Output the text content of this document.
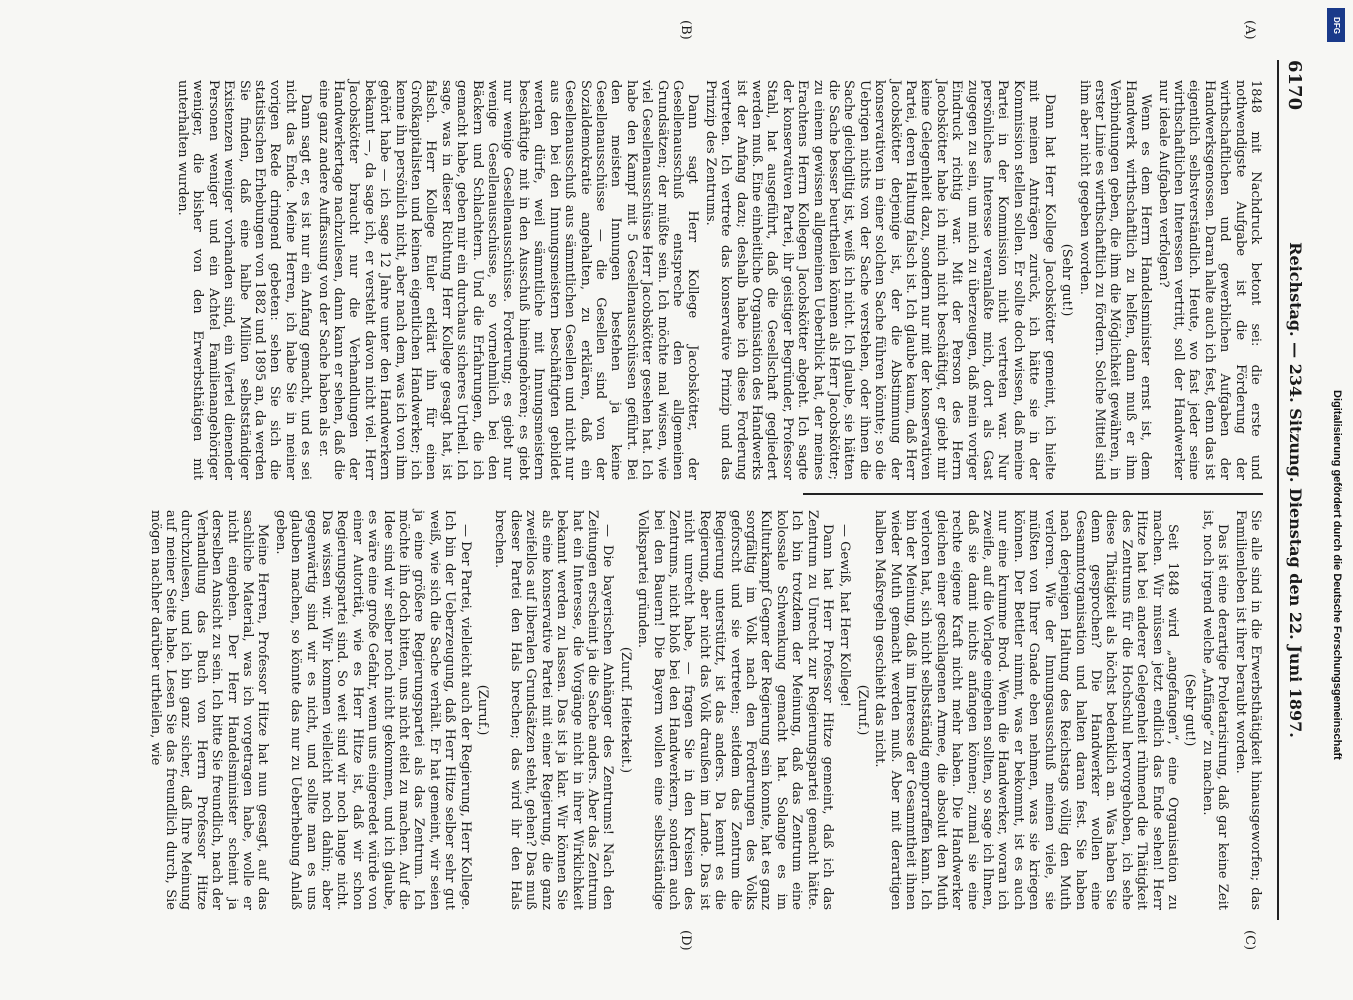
6170
Reichstag. — 234. Sitzung. Dienstag den 22. Juni 1897.
(A)
(B)
(C)
(D)

1848 mit Nachdruck betont sei: die erste und nothwendigste Aufgabe ist die Förderung der wirthschaftlichen und gewerblichen Aufgaben der Handwerksgenossen. Daran halte auch ich fest, denn das ist eigentlich selbstverständlich. Heute, wo fast jeder seine wirthschaftlichen Interessen vertritt, soll der Handwerker nur ideale Aufgaben verfolgen?

Wenn es dem Herrn Handelsminister ernst ist, dem Handwerk wirthschaftlich zu helfen, dann muß er ihm Verbindungen geben, die ihm die Möglichkeit gewähren, in erster Linie es wirthschaftlich zu fördern. Solche Mittel sind ihm aber nicht gegeben worden.

(Sehr gut!)

Dann hat Herr Kollege Jacobskötter gemeint, ich hielte mit meinen Anträgen zurück, ich hätte sie in der Kommission stellen sollen. Er sollte doch wissen, daß meine Partei in der Kommission nicht vertreten war. Nur persönliches Interesse veranlaßte mich, dort als Gast zugegen zu sein, um mich zu überzeugen, daß mein voriger Eindruck richtig war. Mit der Person des Herrn Jacobskötter habe ich mich nicht beschäftigt, er giebt mir keine Gelegenheit dazu, sondern nur mit der konservativen Partei, deren Haltung falsch ist. Ich glaube kaum, daß Herr Jacobskötter derjenige ist, der die Abstimmung der konservativen in einer solchen Sache führen könnte; so die Uebrigen nichts von der Sache verstehen, oder ihnen die Sache gleichgiltig ist, weiß ich nicht. Ich glaube, sie hätten die Sache besser beurtheilen können als Herr Jacobskötter; zu einem gewissen allgemeinen Ueberblick hat, der meines Erachtens Herrn Kollegen Jacobskötter abgeht. Ich sagte der konservativen Partei, ihr geistiger Begründer, Professor Stahl, hat ausgeführt, daß die Gesellschaft gegliedert werden muß. Eine einheitliche Organisation des Handwerks ist der Anfang dazu; deshalb habe ich diese Forderung vertreten. Ich vertrete das konservative Prinzip und das Prinzip des Zentrums.

Dann sagt Herr Kollege Jacobskötter, der Gesellenausschuß entspreche den allgemeinen Grundsätzen; der müßte sein. Ich möchte mal wissen, wie viel Gesellenausschüsse Herr Jacobskötter gesehen hat. Ich habe den Kampf mit 5 Gesellenausschüssen geführt. Bei den meisten Innungen bestehen ja keine Gesellenausschüsse — die Gesellen sind von der Sozialdemokratie angehalten, zu erklären, daß ein Gesellenausschuß aus sämmtlichen Gesellen und nicht nur aus den bei den Innungsmeistern beschäftigten gebildet werden dürfe, weil sämmtliche mit Innungsmeistern beschäftigte mit in den Ausschuß hineingehören; es giebt nur wenige Gesellenausschüsse. Forderung; es giebt nur wenige Gesellenausschüsse, so vornehmlich bei den Bäckern und Schlachtern. Und die Erfahrungen, die ich gemacht habe, geben mir ein durchaus sicheres Urtheil. Ich sage, was in dieser Richtung Herr Kollege gesagt hat, ist falsch. Herr Kollege Euler erklärt ihn für einen Großkapitalisten und keinen eigentlichen Handwerker; ich kenne ihn persönlich nicht, aber nach dem, was ich von ihm gehört habe — ich sage 12 Jahre unter den Handwerkern bekannt —, da sage ich, er versteht davon nicht viel. Herr Jacobskötter braucht nur die Verhandlungen der Handwerkertage nachzulesen, dann kann er sehen, daß die eine ganz andere Auffassung von der Sache haben als er.

Dann sagt er, es ist nur ein Anfang gemacht, und es sei nicht das Ende. Meine Herren, ich habe Sie in meiner vorigen Rede dringend gebeten: sehen Sie sich die statistischen Erhebungen von 1882 und 1895 an, da werden Sie finden, daß eine halbe Million selbstständiger Existenzen weniger vorhanden sind, ein Viertel dienender Personen weniger und ein Achtel Familienangehöriger weniger, die bisher von den Erwerbsthätigen mit unterhalten wurden.

Sie alle sind in die Erwerbsthätigkeit hinausgeworfen; das Familienleben ist ihrer beraubt worden.

Das ist eine derartige Proletarisirung, daß gar keine Zeit ist, noch irgend welche „Anfänge“ zu machen.

(Sehr gut!)

Seit 1848 wird „angefangen“, eine Organisation zu machen. Wir müssen jetzt endlich das Ende sehen! Herr Hitze hat bei anderer Gelegenheit rühmend die Thätigkeit des Zentrums für die Hochschul hervorgehoben, ich sehe diese Thätigkeit als höchst bedenklich an. Was haben Sie denn gesprochen? Die Handwerker wollen eine Gesammtorganisation und halten daran fest. Sie haben nach derjenigen Haltung des Reichstags völlig den Muth verloren. Wie der Innungsausschuß meinen viele, sie müßten von Ihrer Gnade eben nehmen, was sie kriegen können. Der Bettler nimmt, was er bekommt, ist es auch nur eine krumme Brod. Wenn die Handwerker, woran ich zweifle, auf die Vorlage eingehen sollten, so sage ich Ihnen, daß sie damit nichts anfangen können; zumal sie eine rechte eigene Kraft nicht mehr haben. Die Handwerker gleichen einer geschlagenen Armee, die absolut den Muth verloren hat, sich nicht selbstständig emporraffen kann. Ich bin der Meinung, daß im Interesse der Gesammtheit ihnen wieder Muth gemacht werden muß. Aber mit derartigen halben Maßregeln geschieht das nicht.

(Zuruf.)

— Gewiß, hat Herr Kollege!

Dann hat Herr Professor Hitze gemeint, daß ich das Zentrum zu Unrecht zur Regierungspartei gemacht hätte. Ich bin trotzdem der Meinung, daß das Zentrum eine kolossale Schwenkung gemacht hat. Solange es im Kulturkampf Gegner der Regierung sein konnte, hat es ganz sorgfältig im Volk nach den Forderungen des Volks geforscht und sie vertreten; seitdem das Zentrum die Regierung unterstützt, ist das anders. Da kennt es die Regierung, aber nicht das Volk draußen im Lande. Das ist nicht unrecht habe, — fragen Sie in den Kreisen des Zentrums, nicht bloß bei den Handwerkern, sondern auch bei den Bauern! Die Bayern wollen eine selbstständige Volkspartei gründen.

(Zuruf. Heiterkeit.)

— Die bayerischen Anhänger des Zentrums! Nach den Zeitungen erscheint ja die Sache anders. Aber das Zentrum hat ein Interesse, die Vorgänge nicht in ihrer Wirklichkeit bekannt werden zu lassen. Das ist ja klar. Wir können Sie als eine konservative Partei mit einer Regierung, die ganz zweifellos auf liberalen Grundsätzen steht, gehen? Das muß dieser Partei den Hals brechen; das wird ihr den Hals brechen.

(Zuruf.)

— Der Partei, vielleicht auch der Regierung, Herr Kollege. Ich bin der Ueberzeugung, daß Herr Hitze selber sehr gut weiß, wie sich die Sache verhält. Er hat gemeint, wir seien ja eine größere Regierungspartei als das Zentrum. Ich möchte ihn doch bitten, uns nicht eitel zu machen. Auf die Idee sind wir selber noch nicht gekommen, und ich glaube, es wäre eine große Gefahr, wenn uns eingeredet würde von einer Autorität, wie es Herr Hitze ist, daß wir schon Regierungspartei sind. So weit sind wir noch lange nicht. Das wissen wir. Wir kommen vielleicht noch dahin; aber gegenwärtig sind wir es nicht, und sollte man es uns glauben machen, so könnte das nur zu Ueberhebung Anlaß geben.

Meine Herren, Professor Hitze hat nun gesagt, auf das sachliche Material, was ich vorgetragen habe, wolle er nicht eingehen. Der Herr Handelsminister scheint ja derselben Ansicht zu sein. Ich bitte Sie freundlich, nach der Verhandlung das Buch von Herrn Professor Hitze durchzulesen, und ich bin ganz sicher, daß Ihre Meinung auf meiner Seite habe. Lesen Sie das freundlich durch, Sie mögen nachher darüber urtheilen, wie

DFG
Digitalisierung gefördert durch die Deutsche Forschungsgemeinschaft
